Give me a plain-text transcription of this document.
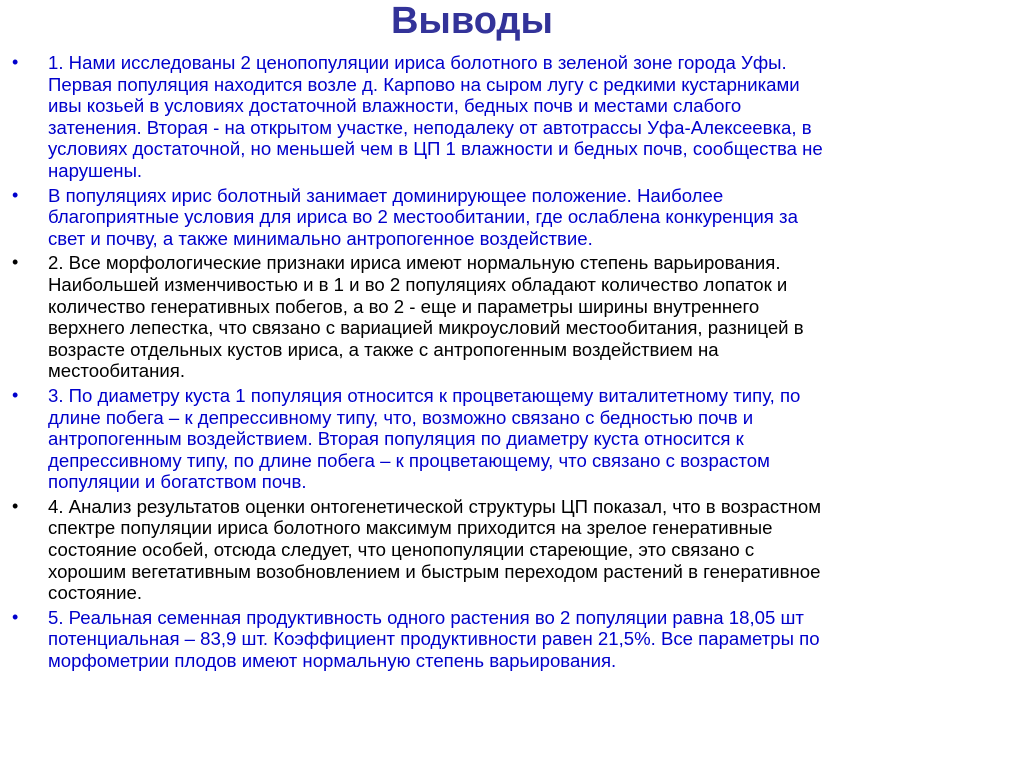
Выводы
• 1. Нами исследованы 2 ценопопуляции ириса болотного в зеленой зоне города Уфы.
Первая популяция находится возле д. Карпово на сыром лугу с редкими кустарниками
ивы козьей в условиях достаточной влажности, бедных почв и местами слабого
затенения. Вторая - на открытом участке, неподалеку от автотрассы Уфа-Алексеевка, в
условиях достаточной, но меньшей чем в ЦП 1 влажности и бедных почв, сообщества не
нарушены.
• В популяциях ирис болотный занимает доминирующее положение. Наиболее
благоприятные условия для ириса во 2 местообитании, где ослаблена конкуренция за
свет и почву, а также минимально антропогенное воздействие.
• 2. Все морфологические признаки ириса имеют нормальную степень варьирования.
Наибольшей изменчивостью и в 1 и во 2 популяциях обладают количество лопаток и
количество генеративных побегов, а во 2 - еще и параметры ширины внутреннего
верхнего лепестка, что связано с вариацией микроусловий местообитания, разницей в
возрасте отдельных кустов ириса, а также с антропогенным воздействием на
местообитания.
• 3. По диаметру куста 1 популяция относится к процветающему виталитетному типу, по
длине побега – к депрессивному типу, что, возможно связано с бедностью почв и
антропогенным воздействием. Вторая популяция по диаметру куста относится к
депрессивному типу, по длине побега – к процветающему, что связано с возрастом
популяции и богатством почв.
• 4. Анализ результатов оценки онтогенетической структуры ЦП показал, что в возрастном
спектре популяции ириса болотного максимум приходится на зрелое генеративные
состояние особей, отсюда следует, что ценопопуляции стареющие, это связано с
хорошим вегетативным возобновлением и быстрым переходом растений в генеративное
состояние.
• 5. Реальная семенная продуктивность одного растения во 2 популяции равна 18,05 шт
потенциальная – 83,9 шт. Коэффициент продуктивности равен 21,5%. Все параметры по
морфометрии плодов имеют нормальную степень варьирования.
